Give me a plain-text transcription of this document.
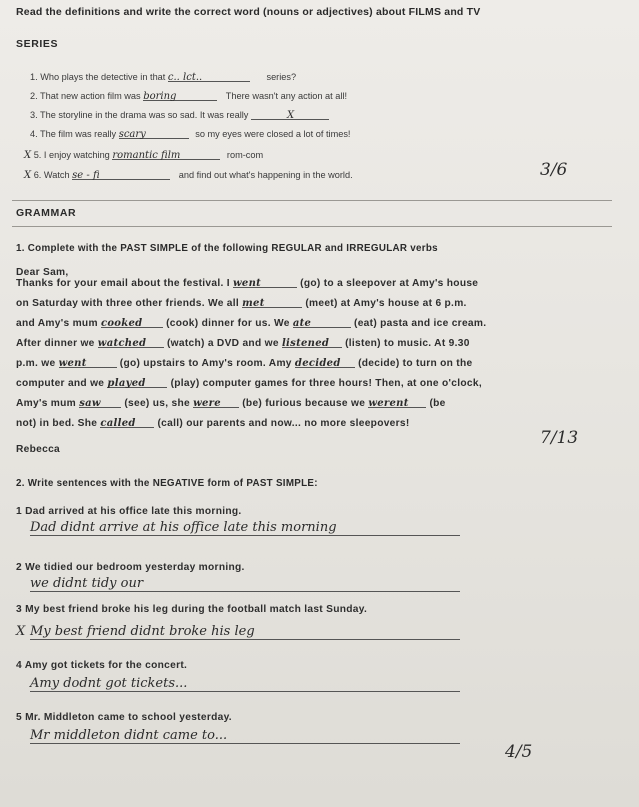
Read the definitions and write the correct word (nouns or adjectives) about FILMS and TV
SERIES
1. Who plays the detective in that c.. lct..	series?
2. That new action film was boring	There wasn't any action at all!
3. The storyline in the drama was so sad. It was really	X
4. The film was really scary	so my eyes were closed a lot of times!
X 5. I enjoy watching romantic film	rom-com
X 6. Watch se - fi	and find out what's happening in the world.	3/6
GRAMMAR
1. Complete with the PAST SIMPLE of the following REGULAR and IRREGULAR verbs
Dear Sam,
Thanks for your email about the festival. I went	(go) to a sleepover at Amy's house
on Saturday with three other friends. We all met	(meet) at Amy's house at 6 p.m.
and Amy's mum cooked (cook) dinner for us. We ate	(eat) pasta and ice cream.
After dinner we watched (watch) a DVD and we listened (listen) to music. At 9.30
p.m. we went	(go) upstairs to Amy's room. Amy decided (decide) to turn on the
computer and we played (play) computer games for three hours! Then, at one o'clock,
Amy's mum saw (see) us, she were (be) furious because we werent (be
not) in bed. She called (call) our parents and now... no more sleepovers!
Rebecca
7/13
2. Write sentences with the NEGATIVE form of PAST SIMPLE:
1 Dad arrived at his office late this morning.
Dad didnt arrive at his office late this morning
2 We tidied our bedroom yesterday morning.
we didnt tidy our
3 My best friend broke his leg during the football match last Sunday.
X My best friend didnt broke his leg
4 Amy got tickets for the concert.
Amy dodnt got tickets...
5 Mr. Middleton came to school yesterday.
Mr middleton didnt came to...
4/5
